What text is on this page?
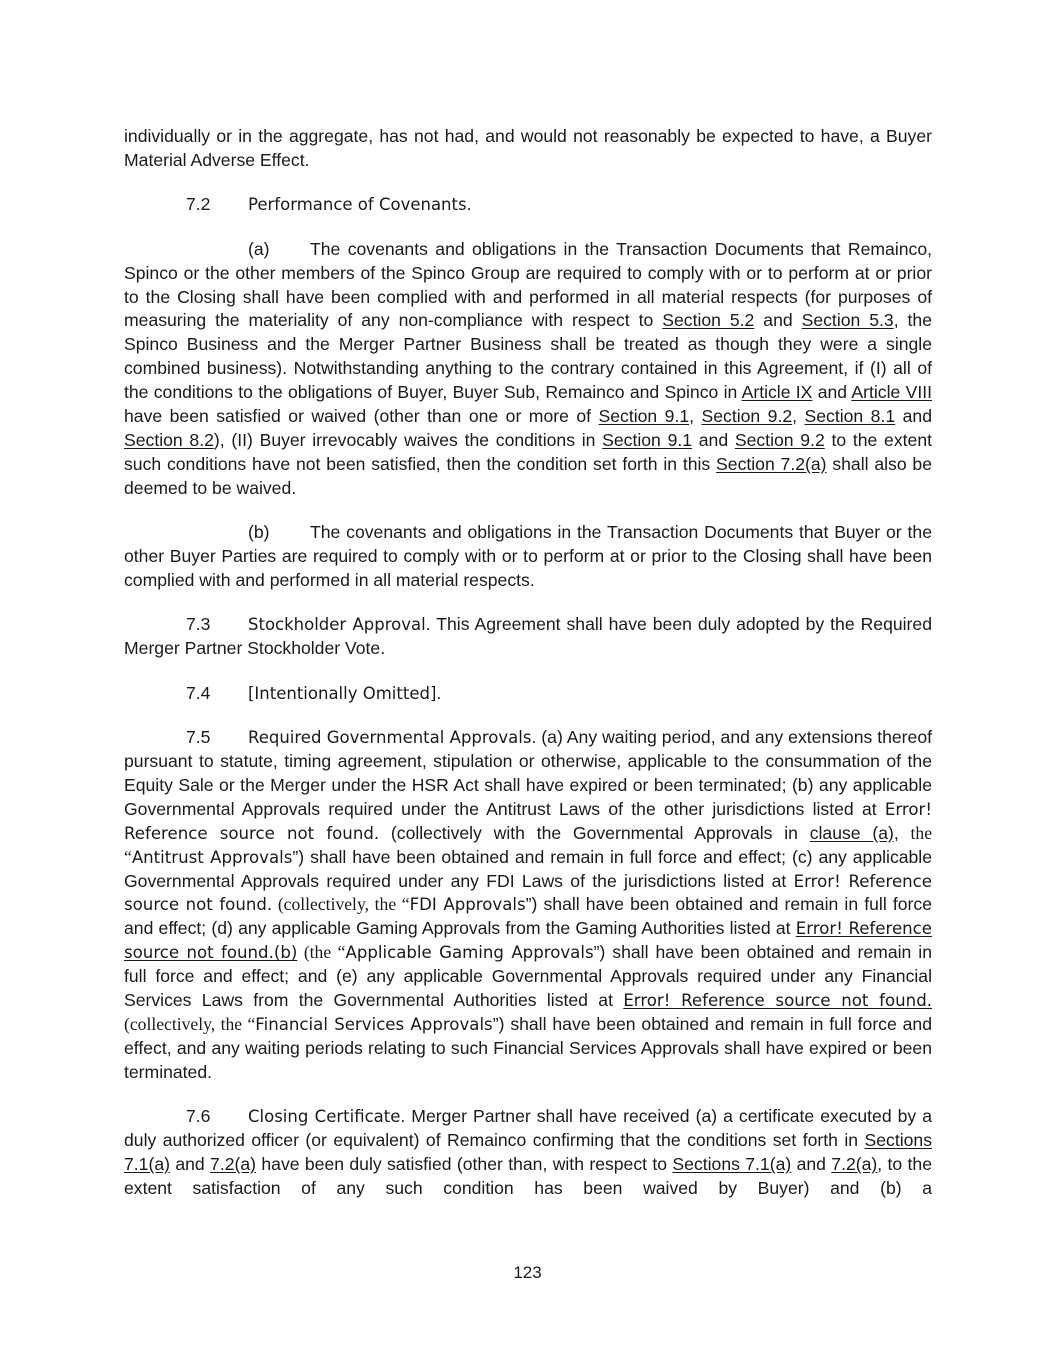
individually or in the aggregate, has not had, and would not reasonably be expected to have, a Buyer Material Adverse Effect.

7.2 Performance of Covenants.

(a) The covenants and obligations in the Transaction Documents that Remainco, Spinco or the other members of the Spinco Group are required to comply with or to perform at or prior to the Closing shall have been complied with and performed in all material respects (for purposes of measuring the materiality of any non-compliance with respect to Section 5.2 and Section 5.3, the Spinco Business and the Merger Partner Business shall be treated as though they were a single combined business). Notwithstanding anything to the contrary contained in this Agreement, if (I) all of the conditions to the obligations of Buyer, Buyer Sub, Remainco and Spinco in Article IX and Article VIII have been satisfied or waived (other than one or more of Section 9.1, Section 9.2, Section 8.1 and Section 8.2), (II) Buyer irrevocably waives the conditions in Section 9.1 and Section 9.2 to the extent such conditions have not been satisfied, then the condition set forth in this Section 7.2(a) shall also be deemed to be waived.

(b) The covenants and obligations in the Transaction Documents that Buyer or the other Buyer Parties are required to comply with or to perform at or prior to the Closing shall have been complied with and performed in all material respects.

7.3 Stockholder Approval. This Agreement shall have been duly adopted by the Required Merger Partner Stockholder Vote.

7.4 [Intentionally Omitted].

7.5 Required Governmental Approvals. (a) Any waiting period, and any extensions thereof pursuant to statute, timing agreement, stipulation or otherwise, applicable to the consummation of the Equity Sale or the Merger under the HSR Act shall have expired or been terminated; (b) any applicable Governmental Approvals required under the Antitrust Laws of the other jurisdictions listed at Error! Reference source not found. (collectively with the Governmental Approvals in clause (a), the “Antitrust Approvals”) shall have been obtained and remain in full force and effect; (c) any applicable Governmental Approvals required under any FDI Laws of the jurisdictions listed at Error! Reference source not found. (collectively, the “FDI Approvals”) shall have been obtained and remain in full force and effect; (d) any applicable Gaming Approvals from the Gaming Authorities listed at Error! Reference source not found.(b) (the “Applicable Gaming Approvals”) shall have been obtained and remain in full force and effect; and (e) any applicable Governmental Approvals required under any Financial Services Laws from the Governmental Authorities listed at Error! Reference source not found. (collectively, the “Financial Services Approvals”) shall have been obtained and remain in full force and effect, and any waiting periods relating to such Financial Services Approvals shall have expired or been terminated.

7.6 Closing Certificate. Merger Partner shall have received (a) a certificate executed by a duly authorized officer (or equivalent) of Remainco confirming that the conditions set forth in Sections 7.1(a) and 7.2(a) have been duly satisfied (other than, with respect to Sections 7.1(a) and 7.2(a), to the extent satisfaction of any such condition has been waived by Buyer) and (b) a

123
